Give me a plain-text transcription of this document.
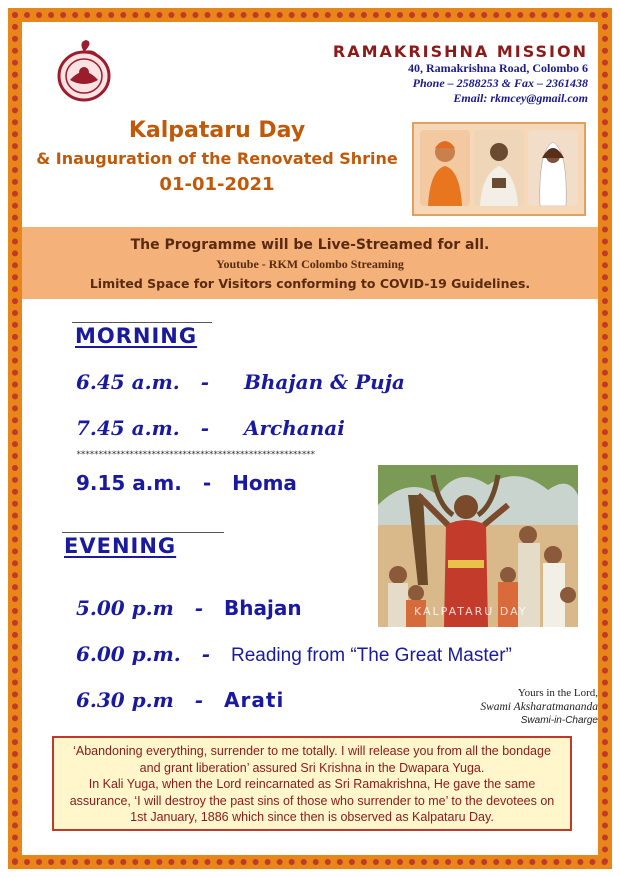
RAMAKRISHNA MISSION
40, Ramakrishna Road, Colombo 6
Phone – 2588253 & Fax – 2361438
Email: rkmcey@gmail.com
Kalpataru Day
& Inauguration of the Renovated Shrine
01-01-2021
The Programme will be Live-Streamed for all.
Youtube - RKM Colombo Streaming
Limited Space for Visitors conforming to COVID-19 Guidelines.
MORNING
6.45 a.m. - Bhajan & Puja
7.45 a.m. - Archanai
******************************************************
9.15 a.m. - Homa
KALPATARU DAY
EVENING
5.00 p.m - Bhajan
6.00 p.m. - Reading from “The Great Master”
6.30 p.m - Arati	Yours in the Lord,
Swami Aksharatmananda
Swami-in-Charge
‘Abandoning everything, surrender to me totally. I will release you from all the bondage and grant liberation’ assured Sri Krishna in the Dwapara Yuga.
In Kali Yuga, when the Lord reincarnated as Sri Ramakrishna, He gave the same assurance, ‘I will destroy the past sins of those who surrender to me’ to the devotees on 1st January, 1886 which since then is observed as Kalpataru Day.
